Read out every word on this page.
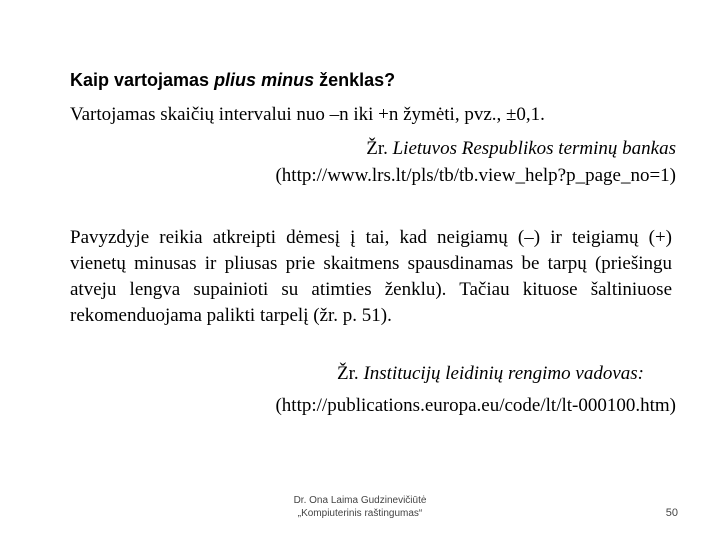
Kaip vartojamas plius minus ženklas?
Vartojamas skaičių intervalui nuo –n iki +n žymėti, pvz., ±0,1.
Žr. Lietuvos Respublikos terminų bankas
(http://www.lrs.lt/pls/tb/tb.view_help?p_page_no=1)
Pavyzdyje reikia atkreipti dėmesį į tai, kad neigiamų (–) ir teigiamų (+) vienetų minusas ir pliusas prie skaitmens spausdinamas be tarpų (priešingu atveju lengva supainioti su atimties ženklu). Tačiau kituose šaltiniuose rekomenduojama palikti tarpelį (žr. p. 51).
Žr. Institucijų leidinių rengimo vadovas:
(http://publications.europa.eu/code/lt/lt-000100.htm)
Dr. Ona Laima Gudzinevičiūtė
„Kompiuterinis raštingumas“	50
